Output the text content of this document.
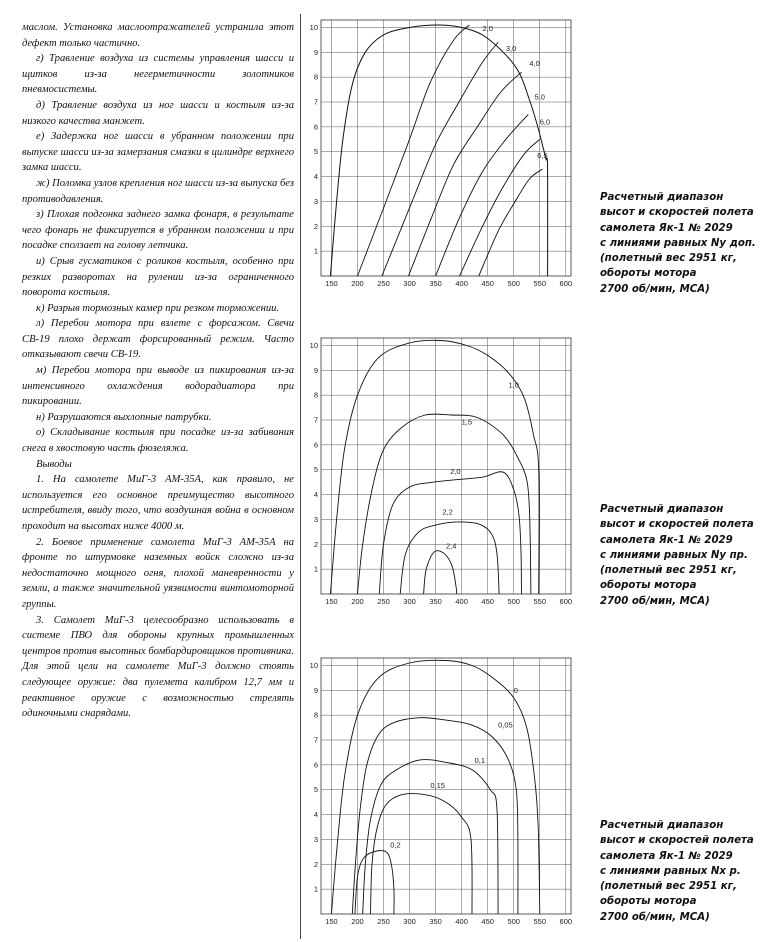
маслом. Установка маслоотражателей устранила этот дефект только частично.

г) Травление воздуха из системы управления шасси и щитков из-за негерметичности золотников пневмосистемы.

д) Травление воздуха из ног шасси и костыля из-за низкого качества манжет.

е) Задержка ног шасси в убранном положении при выпуске шасси из-за замерзания смазки в цилиндре верхнего замка шасси.

ж) Поломка узлов крепления ног шасси из-за выпуска без противодавления.

з) Плохая подгонка заднего замка фонаря, в результате чего фонарь не фиксируется в убранном положении и при посадке сползает на голову летчика.

и) Срыв гусматиков с роликов костыля, особенно при резких разворотах на рулении из-за ограниченного поворота костыля.

к) Разрыв тормозных камер при резком торможении.

л) Перебои мотора при взлете с форсажом. Свечи СВ-19 плохо держат форсированный режим. Часто отказывают свечи СВ-19.

м) Перебои мотора при выводе из пикирования из-за интенсивного охлаждения водорадиатора при пикировании.

н) Разрушаются выхлопные патрубки.

о) Складывание костыля при посадке из-за забивания снега в хвостовую часть фюзеляжа.

Выводы

1. На самолете МиГ-3 АМ-35А, как правило, не используется его основное преимущество высотного истребителя, ввиду того, что воздушная война в основном проходит на высотах ниже 4000 м.

2. Боевое применение самолета МиГ-3 АМ-35А на фронте по штурмовке наземных войск сложно из-за недостаточно мощного огня, плохой маневренности у земли, а также значительной уязвимости винтомоторной группы.

3. Самолет МиГ-3 целесообразно использовать в системе ПВО для обороны крупных промышленных центров против высотных бомбардировщиков противника. Для этой цели на самолете МиГ-3 должно стоять следующее оружие: два пулемета калибром 12,7 мм и реактивное оружие с возможностью стрелять одиночными снарядами.

150 200 250 300 350 400 450 500 550 600
1
2
3
4
5
6
7
8
9
10	2,0
3,0
4,0
5,0
6,0
6,5
150 200 250 300 350 400 450 500 550 600
1
2
3
4
5
6
7
8
9
10
1,0
1,5
2,0
2,2
2,4
150 200 250 300 350 400 450 500 550 600
1
2
3
4
5
6
7
8
9
10
0
0,05
0,1
0,15
0,2
Расчетный диапазон
высот и скоростей полета
самолета Як-1 № 2029
с линиями равных Ny доп.
(полетный вес 2951 кг,
обороты мотора
2700 об/мин, МСА)
Расчетный диапазон
высот и скоростей полета
самолета Як-1 № 2029
с линиями равных Ny пр.
(полетный вес 2951 кг,
обороты мотора
2700 об/мин, МСА)
Расчетный диапазон
высот и скоростей полета
самолета Як-1 № 2029
с линиями равных Nx р.
(полетный вес 2951 кг,
обороты мотора
2700 об/мин, МСА)
